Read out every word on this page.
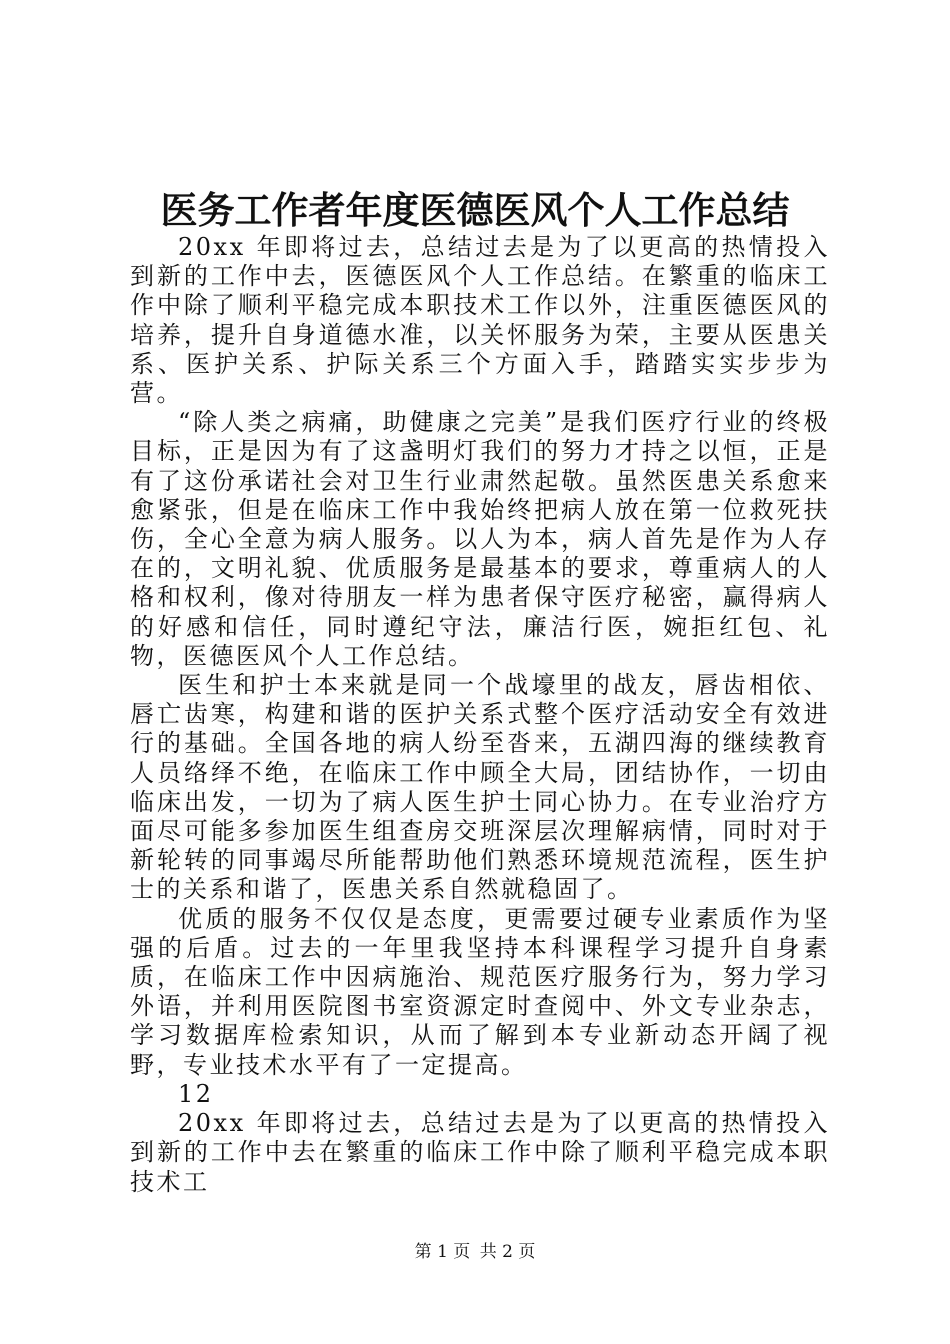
医务工作者年度医德医风个人工作总结

20xx 年即将过去，总结过去是为了以更高的热情投入到新的工作中去，医德医风个人工作总结。在繁重的临床工作中除了顺利平稳完成本职技术工作以外，注重医德医风的培养，提升自身道德水准，以关怀服务为荣，主要从医患关系、医护关系、护际关系三个方面入手，踏踏实实步步为营。

“除人类之病痛，助健康之完美”是我们医疗行业的终极目标，正是因为有了这盏明灯我们的努力才持之以恒，正是有了这份承诺社会对卫生行业肃然起敬。虽然医患关系愈来愈紧张，但是在临床工作中我始终把病人放在第一位救死扶伤，全心全意为病人服务。以人为本，病人首先是作为人存在的，文明礼貌、优质服务是最基本的要求，尊重病人的人格和权利，像对待朋友一样为患者保守医疗秘密，赢得病人的好感和信任，同时遵纪守法，廉洁行医，婉拒红包、礼物，医德医风个人工作总结。

医生和护士本来就是同一个战壕里的战友，唇齿相依、唇亡齿寒，构建和谐的医护关系式整个医疗活动安全有效进行的基础。全国各地的病人纷至沓来，五湖四海的继续教育人员络绎不绝，在临床工作中顾全大局，团结协作，一切由临床出发，一切为了病人医生护士同心协力。在专业治疗方面尽可能多参加医生组查房交班深层次理解病情，同时对于新轮转的同事竭尽所能帮助他们熟悉环境规范流程，医生护士的关系和谐了，医患关系自然就稳固了。

优质的服务不仅仅是态度，更需要过硬专业素质作为坚强的后盾。过去的一年里我坚持本科课程学习提升自身素质，在临床工作中因病施治、规范医疗服务行为，努力学习外语，并利用医院图书室资源定时查阅中、外文专业杂志，学习数据库检索知识，从而了解到本专业新动态开阔了视野，专业技术水平有了一定提高。

12

20xx 年即将过去，总结过去是为了以更高的热情投入到新的工作中去在繁重的临床工作中除了顺利平稳完成本职技术工

第 1 页 共 2 页
